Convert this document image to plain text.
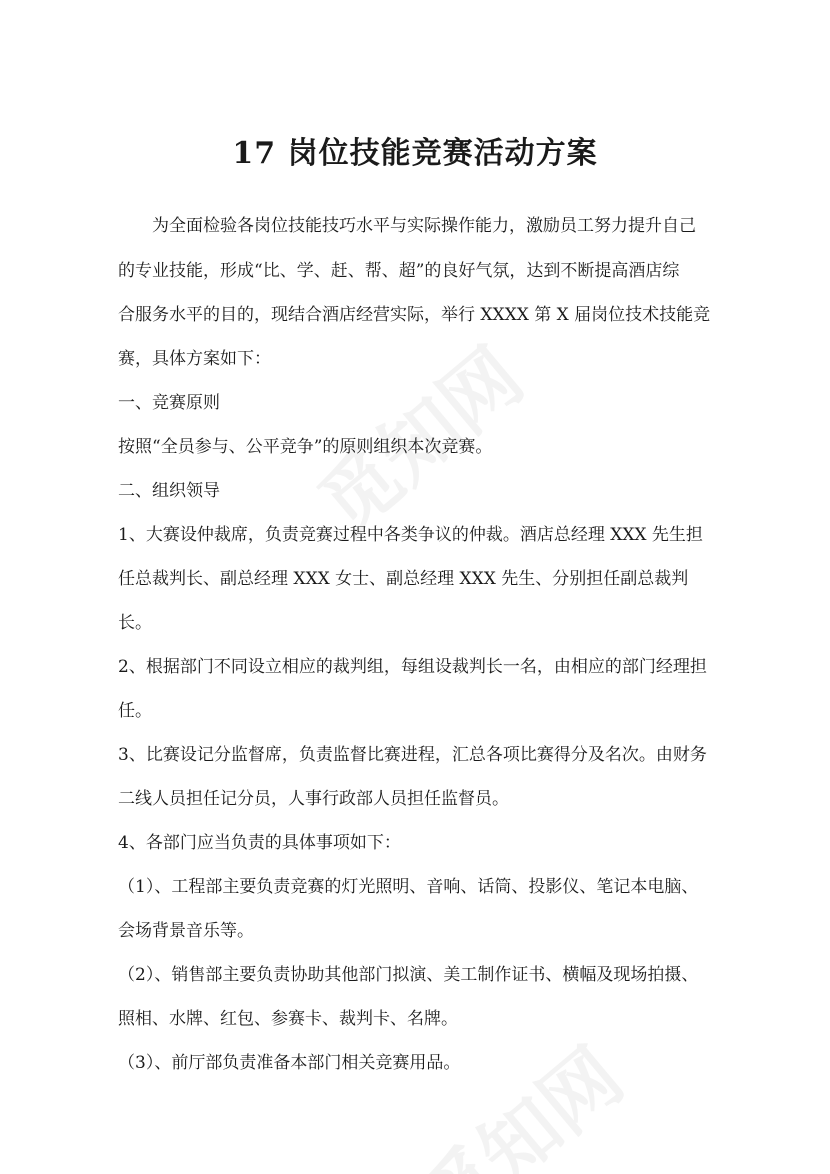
17 岗位技能竞赛活动方案
为全面检验各岗位技能技巧水平与实际操作能力，激励员工努力提升自己
的专业技能，形成“比、学、赶、帮、超”的良好气氛，达到不断提高酒店综
合服务水平的目的，现结合酒店经营实际，举行 XXXX 第 X 届岗位技术技能竞
赛，具体方案如下：
一、竞赛原则
按照“全员参与、公平竞争”的原则组织本次竞赛。
二、组织领导
1、大赛设仲裁席，负责竞赛过程中各类争议的仲裁。酒店总经理 XXX 先生担
任总裁判长、副总经理 XXX 女士、副总经理 XXX 先生、分别担任副总裁判
长。
2、根据部门不同设立相应的裁判组，每组设裁判长一名，由相应的部门经理担
任。
3、比赛设记分监督席，负责监督比赛进程，汇总各项比赛得分及名次。由财务
二线人员担任记分员，人事行政部人员担任监督员。
4、各部门应当负责的具体事项如下：
（1）、工程部主要负责竞赛的灯光照明、音响、话筒、投影仪、笔记本电脑、
会场背景音乐等。
（2）、销售部主要负责协助其他部门拟演、美工制作证书、横幅及现场拍摄、
照相、水牌、红包、参赛卡、裁判卡、名牌。
（3）、前厅部负责准备本部门相关竞赛用品。
